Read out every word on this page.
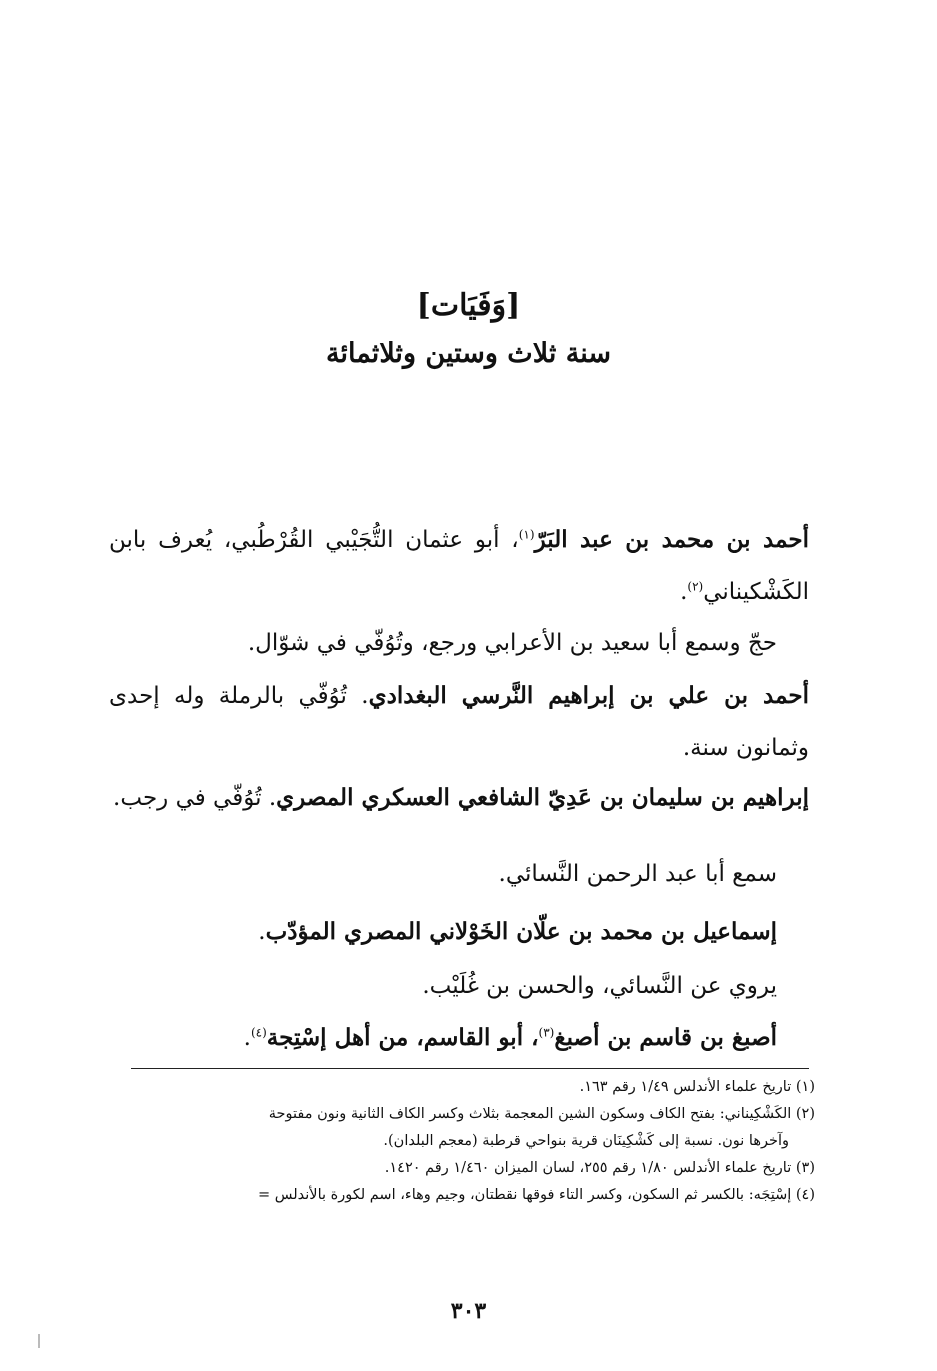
[وَفَيَات]
سنة ثلاث وستين وثلاثمائة

أحمد بن محمد بن عبد البَرّ$^{(١)}$، أبو عثمان التُّجَيْبي القُرْطُبي، يُعرف بابن الكَشْكيناني$^{(٢)}$.

حجّ وسمع أبا سعيد بن الأعرابي ورجع، وتُوُفّي في شوّال.

أحمد بن علي بن إبراهيم النَّرسي البغدادي. تُوُفّي بالرملة وله إحدى وثمانون سنة.

إبراهيم بن سليمان بن عَدِيّ الشافعي العسكري المصري. تُوُفّي في رجب.

سمع أبا عبد الرحمن النَّسائي.

إسماعيل بن محمد بن علّان الخَوْلاني المصري المؤدّب.

يروي عن النَّسائي، والحسن بن غُلَيْب.

أصبغ بن قاسم بن أصبغ$^{(٣)}$، أبو القاسم، من أهل إسْتِجة$^{(٤)}$.

(١) تاريخ علماء الأندلس ١/٤٩ رقم ١٦٣.

(٢) الكَشْكِيناني: بفتح الكاف وسكون الشين المعجمة بثلاث وكسر الكاف الثانية ونون مفتوحة

وآخرها نون. نسبة إلى كَشْكِينَان قرية بنواحي قرطبة (معجم البلدان).

(٣) تاريخ علماء الأندلس ١/٨٠ رقم ٢٥٥، لسان الميزان ١/٤٦٠ رقم ١٤٢٠.

(٤) إسْتِجَه: بالكسر ثم السكون، وكسر التاء فوقها نقطتان، وجيم وهاء، اسم لكورة بالأندلس =

٣٠٣
